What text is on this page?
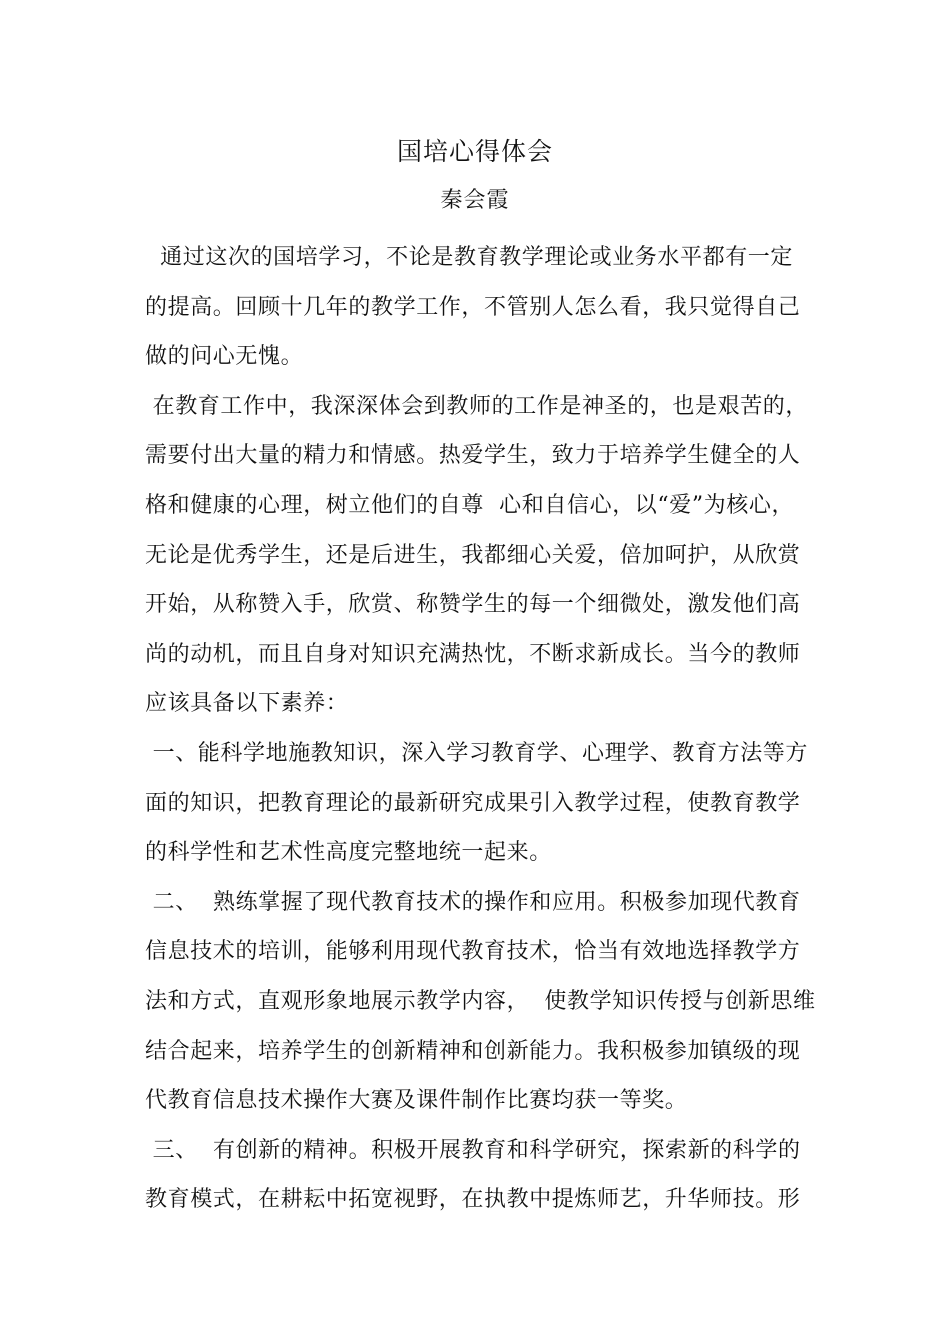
国培心得体会
秦会霞
通过这次的国培学习，不论是教育教学理论或业务水平都有一定
的提高。回顾十几年的教学工作，不管别人怎么看，我只觉得自己
做的问心无愧。
在教育工作中，我深深体会到教师的工作是神圣的，也是艰苦的，
需要付出大量的精力和情感。热爱学生，致力于培养学生健全的人
格和健康的心理，树立他们的自尊  心和自信心，以“爱”为核心，
无论是优秀学生，还是后进生，我都细心关爱，倍加呵护，从欣赏
开始，从称赞入手，欣赏、称赞学生的每一个细微处，激发他们高
尚的动机，而且自身对知识充满热忱，不断求新成长。当今的教师
应该具备以下素养：
一、能科学地施教知识，深入学习教育学、心理学、教育方法等方
面的知识，把教育理论的最新研究成果引入教学过程，使教育教学
的科学性和艺术性高度完整地统一起来。
二、  熟练掌握了现代教育技术的操作和应用。积极参加现代教育
信息技术的培训，能够利用现代教育技术，恰当有效地选择教学方
法和方式，直观形象地展示教学内容，  使教学知识传授与创新思维
结合起来，培养学生的创新精神和创新能力。我积极参加镇级的现
代教育信息技术操作大赛及课件制作比赛均获一等奖。
三、  有创新的精神。积极开展教育和科学研究，探索新的科学的
教育模式，在耕耘中拓宽视野，在执教中提炼师艺，升华师技。形
